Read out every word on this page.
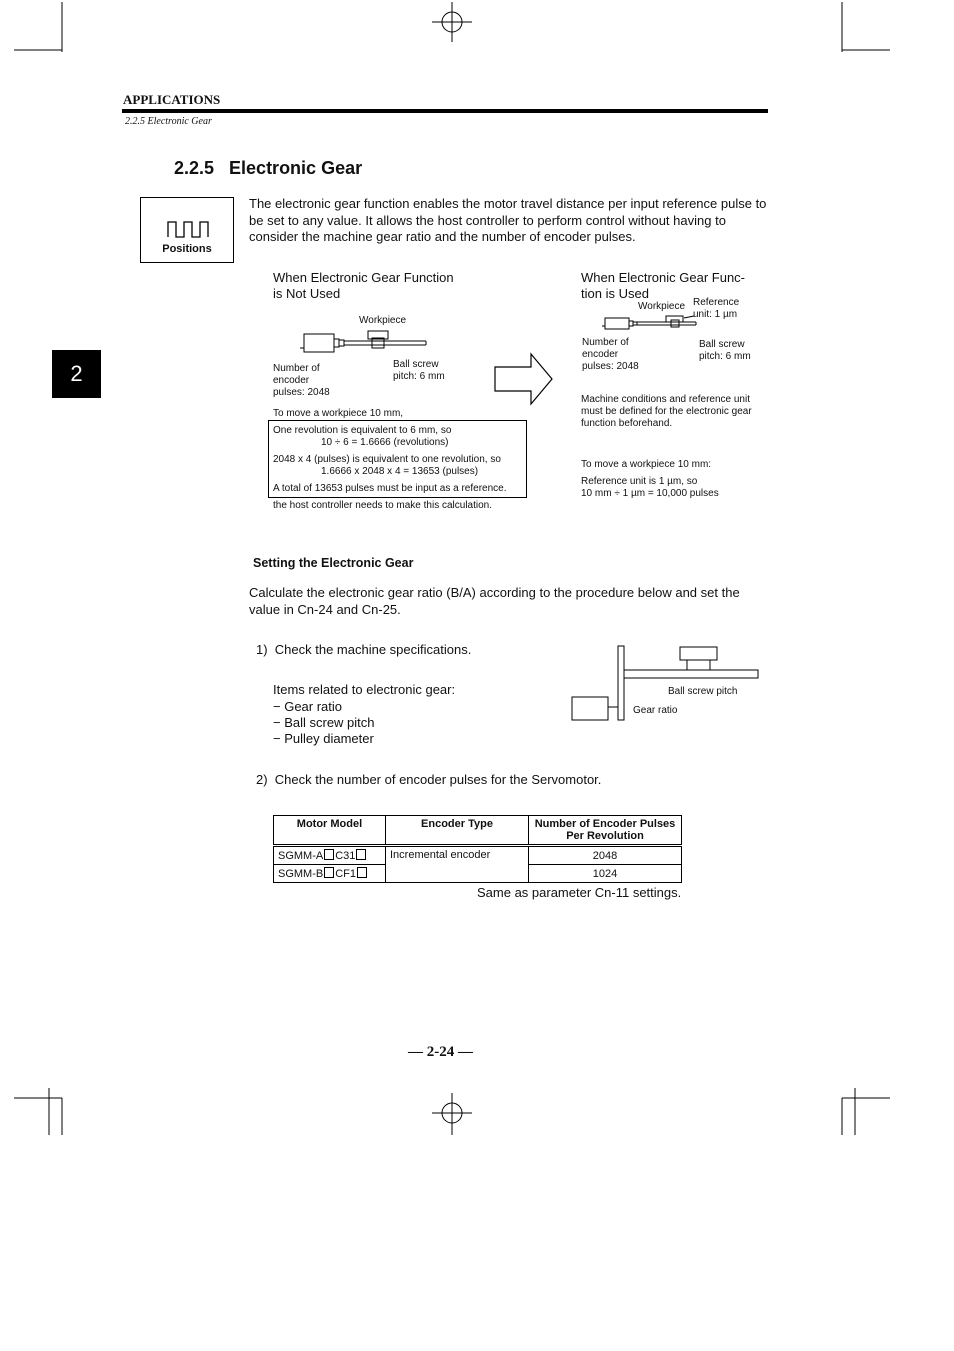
APPLICATIONS
2.2.5 Electronic Gear
2
2.2.5   Electronic Gear
Positions
The electronic gear function enables the motor travel distance per input reference pulse to be set to any value. It allows the host controller to perform control without having to consider the machine gear ratio and the number of encoder pulses.
When Electronic Gear Function
is Not Used
Workpiece
Number of
encoder
pulses: 2048
Ball screw
pitch: 6 mm
To move a workpiece 10 mm,
One revolution is equivalent to 6 mm, so
10 ÷ 6 = 1.6666 (revolutions)
2048 x 4 (pulses) is equivalent to one revolution, so
1.6666 x 2048 x 4 = 13653 (pulses)
A total of 13653 pulses must be input as a reference.
the host controller needs to make this calculation.
When Electronic Gear Func-
tion is Used
Workpiece Reference
unit: 1 µm
Number of
encoder
pulses: 2048
Ball screw
pitch: 6 mm
Machine conditions and reference unit
must be defined for the electronic gear
function beforehand.
To move a workpiece 10 mm:
Reference unit is 1 µm, so
10 mm ÷ 1 µm = 10,000 pulses
Setting the Electronic Gear
Calculate the electronic gear ratio (B/A) according to the procedure below and set the value in Cn-24 and Cn-25.
1)  Check the machine specifications.
Items related to electronic gear:
− Gear ratio
− Ball screw pitch
− Pulley diameter
Ball screw pitch
Gear ratio
2)  Check the number of encoder pulses for the Servomotor.
Motor Model	Encoder Type	Number of Encoder Pulses Per Revolution
SGMM-A C31	Incremental encoder	2048
SGMM-B CF1		1024
Same as parameter Cn-11 settings.
— 2-24 —
